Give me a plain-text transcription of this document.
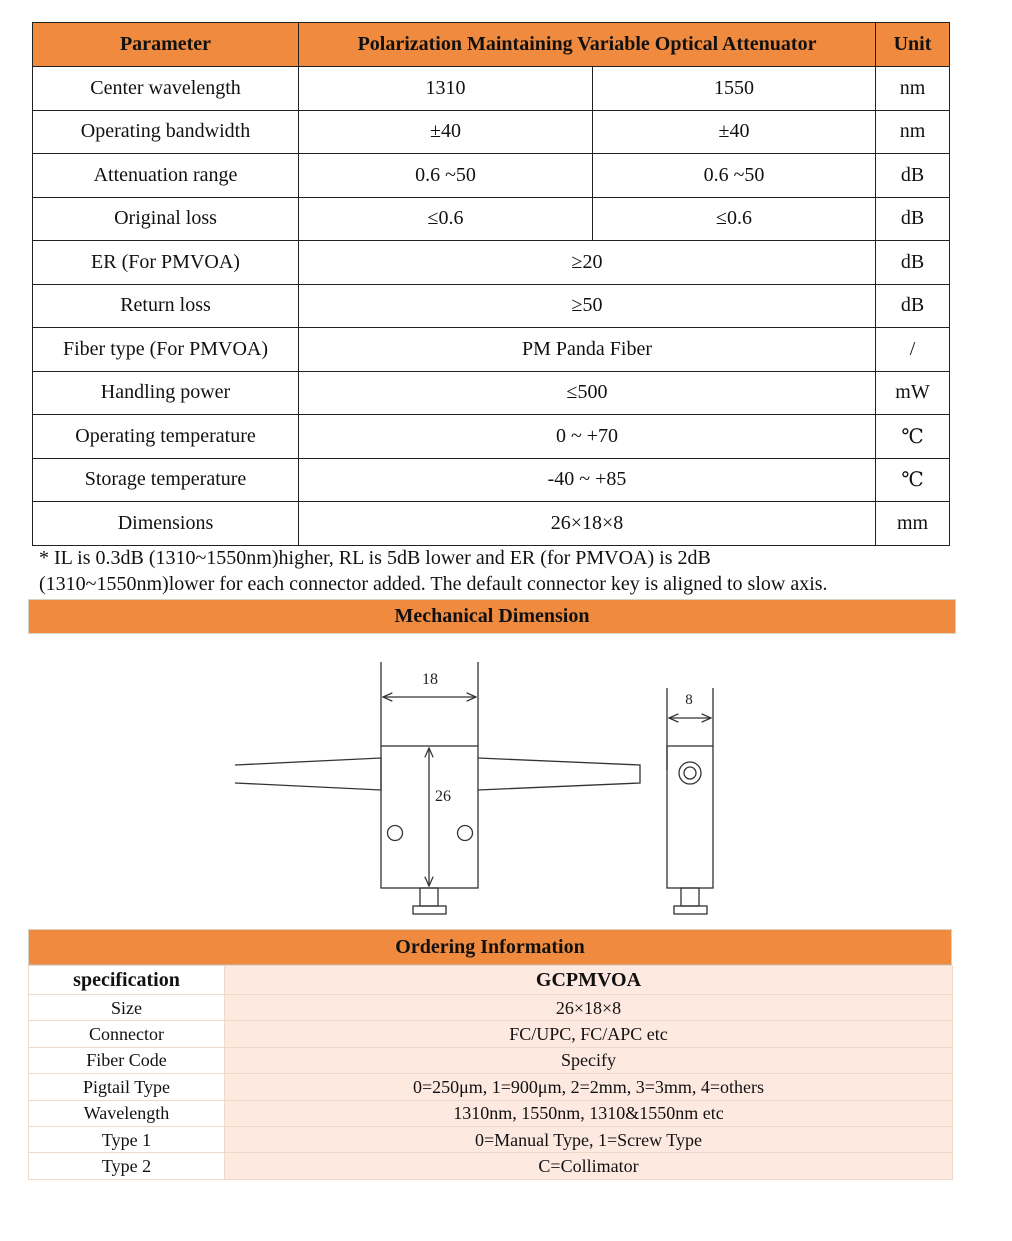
Parameter	Polarization Maintaining Variable Optical Attenuator		Unit
Center wavelength	1310	1550	nm
Operating bandwidth	±40	±40	nm
Attenuation range	0.6 ~50	0.6 ~50	dB
Original loss	≤0.6	≤0.6	dB
ER (For PMVOA)	≥20		dB
Return loss	≥50		dB
Fiber type (For PMVOA)	PM Panda Fiber		/
Handling power	≤500		mW
Operating temperature	0 ~ +70		℃
Storage temperature	-40 ~ +85		℃
Dimensions	26×18×8		mm
* IL is 0.3dB (1310~1550nm)higher, RL is 5dB lower and ER (for PMVOA) is 2dB
(1310~1550nm)lower for each connector added. The default connector key is aligned to slow axis.
Mechanical Dimension
18
26
8
Ordering Information
specification	GCPMVOA
Size	26×18×8
Connector	FC/UPC, FC/APC etc
Fiber Code	Specify
Pigtail Type	0=250μm, 1=900μm, 2=2mm, 3=3mm, 4=others
Wavelength	1310nm, 1550nm, 1310&1550nm etc
Type 1	0=Manual Type, 1=Screw Type
Type 2	C=Collimator
